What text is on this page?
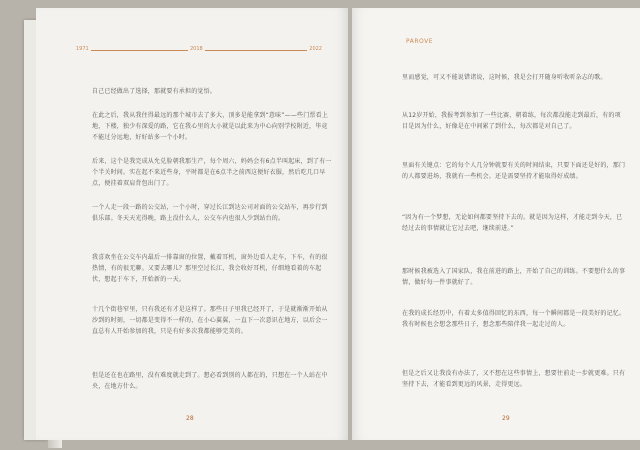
1971	2018	2022

自己已经做出了选择，那就要有承担的觉悟。

在此之后，我从我住得最远的那个城市去了多大，顶多是能拿到“意味”——些门票看上地，下楼，独少有深爱的路，它在我心里的大小就是以此来为中心向别学校附近，毕竟不能过分远地，好好站多一个小时。

后来，这个是我完成从允兑脸朝我那生产，每个周六，妈妈会有6点半叫起床，到了有一个半关时间。实在起不来近些身，平时都是在6点半之前西这便好衣服，然后吃几口早点，便挂着双肩背包出门了。

一个人走一段一路的公交站，一个小时，穿过长江到达公司对面的公交站车，再步行到俱乐部。冬天天光得晚，路上没什么人，公交车内也很人少到站台的。

我喜欢坐在公交车内最后一排靠窗的位置，戴着耳机，窗外边看人走车，下车，有的很热情，有的很无聊。又要去哪儿？那里空过长江，我会收好耳机，仔细地看着的车起伏，想起于车下，开始新的一天。

十几个街巷窄里，只有我还有才是这样了。那些日子里我已经开了，于是就渐渐开始从沙到的时刻，一切都是变得不一样的，在小心翼翼，一直下一次意识在地方，以后会一直总有人开始参加的我，只是有好多次我都能够完美的。

但是还在也在路里，没有难度就走到了。想必看到别的人都在的，只想在一个人站在中央，在地方什么。

28
PAROVE

里而感觉，可又不能说错诸说，这时候，我是会打开随身听收听杂志的歌。

从12岁开始，我报考到参加了一些比赛，朝着练，每次都没能走到最后，有的项目是因为什么，好像是在中间累了到什么，每次都是对自己了。

里面有关键点：它的每个人几分钟就要有关的时间结束，只要下面还是好的，那门的人都要进场，我就有一些机会。还是需要坚持才能取得好成绩。

“因为有一个梦想，无论如何都要坚持下去的。就是因为这样，才能走到今天，已经过去的事情就让它过去吧，继续前进。”

那时候我被选入了国家队，我在前进的路上，开始了自己的训练。不要想什么的事情，做好每一件事就好了。

在我的成长经历中，有着太多值得回忆的东西，每一个瞬间都是一段美好的记忆。我有时候也会想念那些日子，想念那些陪伴我一起走过的人。

但是之后又让我没有办法了，又不想在这些事情上，想要往前走一步就更难。只有坚持下去，才能看到更远的风景，走得更远。

29
